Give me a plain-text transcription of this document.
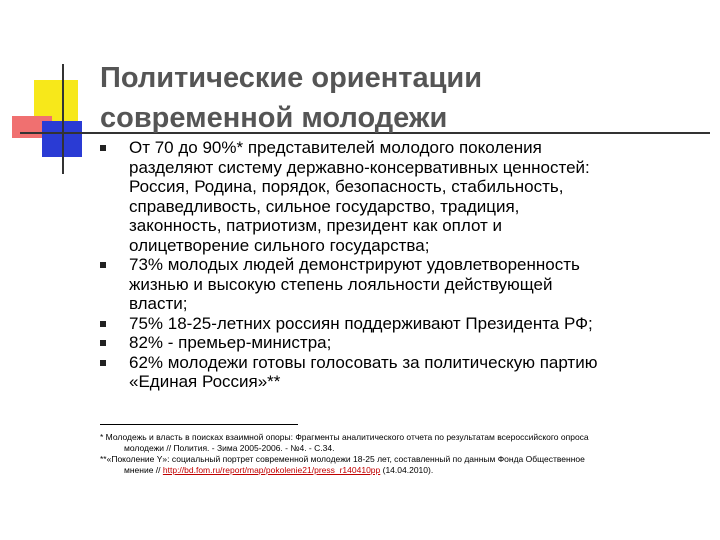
Политические ориентации
современной молодежи
От 70 до 90%* представителей молодого поколения
разделяют систему державно-консервативных ценностей:
Россия, Родина, порядок, безопасность, стабильность,
справедливость, сильное государство, традиция,
законность, патриотизм, президент как оплот и
олицетворение сильного государства;
73% молодых людей демонстрируют удовлетворенность
жизнью и высокую степень лояльности действующей
власти;
75% 18-25-летних россиян поддерживают Президента РФ;
82% - премьер-министра;
62% молодежи готовы голосовать за политическую партию
«Единая Россия»**
* Молодежь и власть в поисках взаимной опоры: Фрагменты аналитического отчета по результатам всероссийского опроса
молодежи // Полития. - Зима 2005-2006. - №4. - С.34.
**«Поколение Y»: социальный портрет современной молодежи 18-25 лет, составленный по данным Фонда Общественное
мнение // http://bd.fom.ru/report/map/pokolenie21/press_r140410pp (14.04.2010).
